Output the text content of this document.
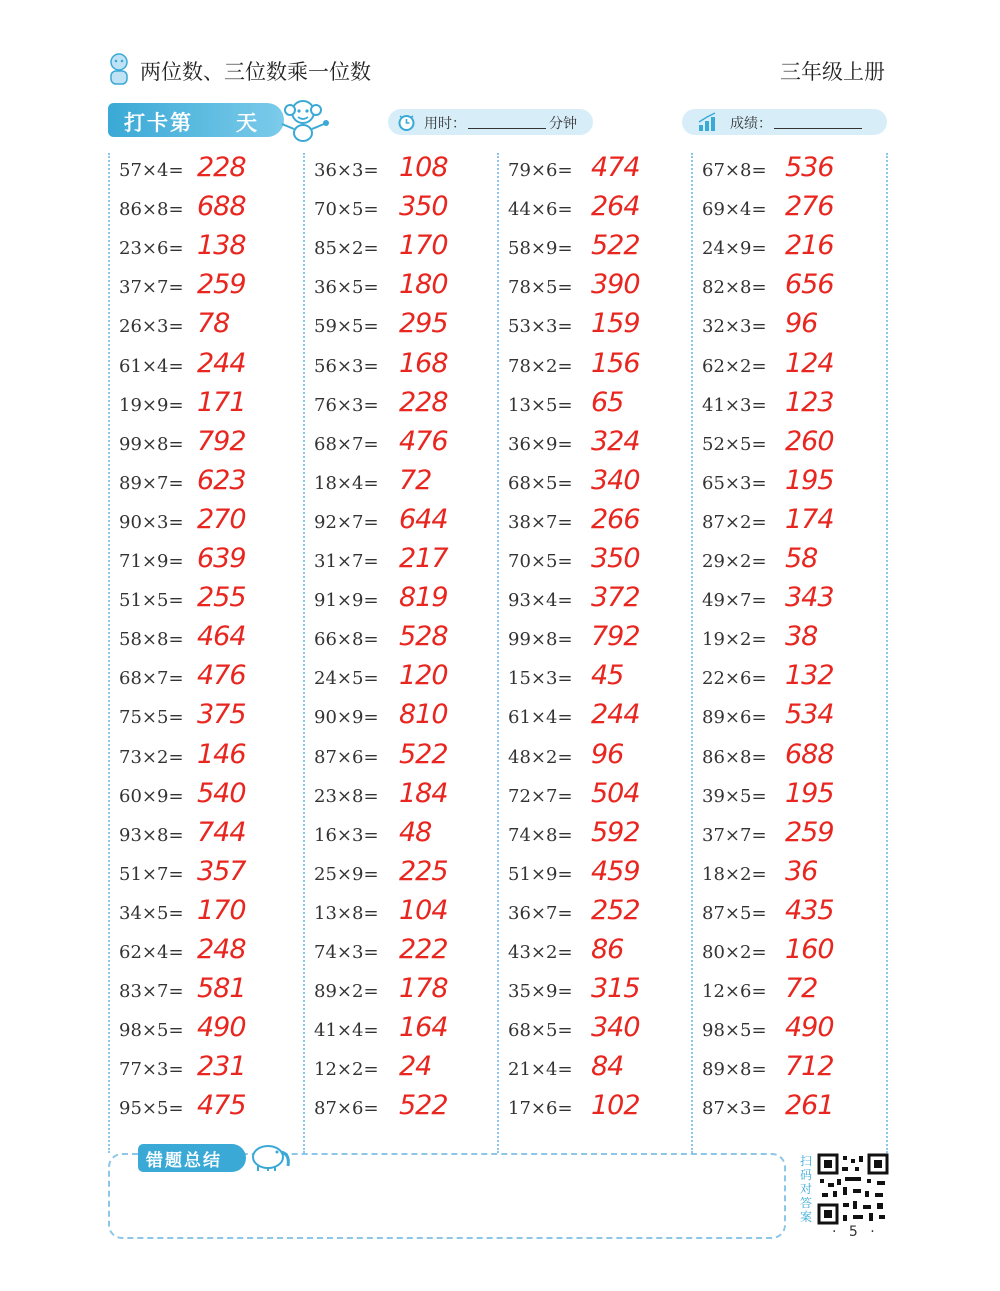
两位数、三位数乘一位数	三年级上册
打卡第 天	用时：	分钟	成绩：
57×4= 228
86×8= 688
23×6= 138
37×7= 259
26×3= 78
61×4= 244
19×9= 171
99×8= 792
89×7= 623
90×3= 270
71×9= 639
51×5= 255
58×8= 464
68×7= 476
75×5= 375
73×2= 146
60×9= 540
93×8= 744
51×7= 357
34×5= 170
62×4= 248
83×7= 581
98×5= 490
77×3= 231
95×5= 475
36×3= 108
70×5= 350
85×2= 170
36×5= 180
59×5= 295
56×3= 168
76×3= 228
68×7= 476
18×4= 72
92×7= 644
31×7= 217
91×9= 819
66×8= 528
24×5= 120
90×9= 810
87×6= 522
23×8= 184
16×3= 48
25×9= 225
13×8= 104
74×3= 222
89×2= 178
41×4= 164
12×2= 24
87×6= 522
79×6= 474
44×6= 264
58×9= 522
78×5= 390
53×3= 159
78×2= 156
13×5= 65
36×9= 324
68×5= 340
38×7= 266
70×5= 350
93×4= 372
99×8= 792
15×3= 45
61×4= 244
48×2= 96
72×7= 504
74×8= 592
51×9= 459
36×7= 252
43×2= 86
35×9= 315
68×5= 340
21×4= 84
17×6= 102
67×8= 536
69×4= 276
24×9= 216
82×8= 656
32×3= 96
62×2= 124
41×3= 123
52×5= 260
65×3= 195
87×2= 174
29×2= 58
49×7= 343
19×2= 38
22×6= 132
89×6= 534
86×8= 688
39×5= 195
37×7= 259
18×2= 36
87×5= 435
80×2= 160
12×6= 72
98×5= 490
89×8= 712
87×3= 261
错题总结	扫码对答案
· 5 ·
